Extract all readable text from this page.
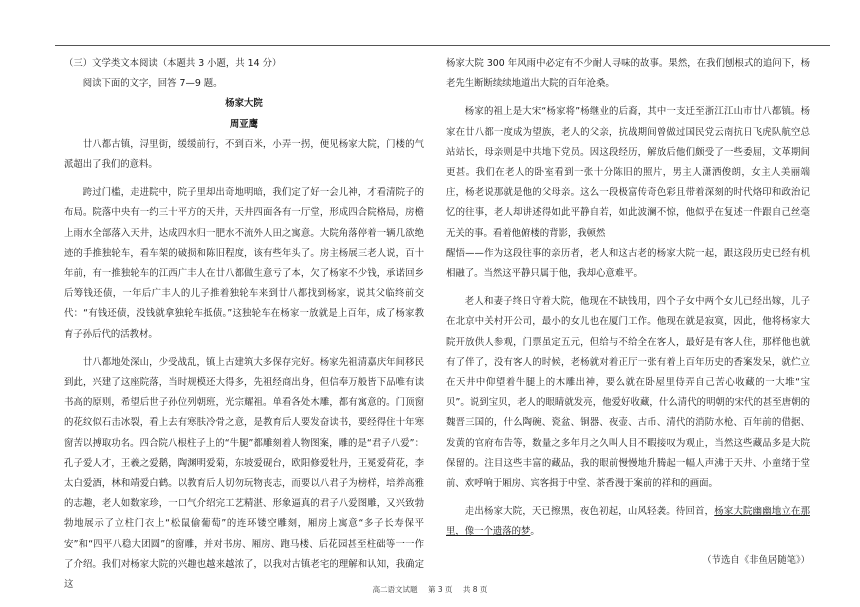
（三）文学类文本阅读（本题共 3 小题，共 14 分）

阅读下面的文字，回答 7—9 题。

杨家大院

周亚鹰

廿八都古镇，浔里街，缓缓前行，不到百米，小弄一拐，便见杨家大院，门楼的气派超出了我们的意料。

跨过门槛，走进院中，院子里却出奇地明暗，我们定了好一会儿神，才看清院子的布局。院落中央有一约三十平方的天井，天井四面各有一厅堂，形成四合院格局，房檐上雨水全部落入天井，达成四水归一肥水不流外人田之寓意。大院角落停着一辆几欲绝迹的手推独轮车，看车架的破损和陈旧程度，该有些年头了。房主杨展三老人说，百十年前，有一推独轮车的江西广丰人在廿八都做生意亏了本，欠了杨家不少钱，承诺回乡后筹钱还债，一年后广丰人的儿子推着独轮车来到廿八都找到杨家，说其父临终前交代：“有钱还债，没钱就拿独轮车抵债。”这独轮车在杨家一放就是上百年，成了杨家教育子孙后代的活教材。

廿八都地处深山，少受战乱，镇上古建筑大多保存完好。杨家先祖清嘉庆年间移民到此，兴建了这座院落，当时规模还大得多，先祖经商出身，但信奉万般皆下品唯有读书高的原则，希望后世子孙位列朝班，光宗耀祖。单看各处木雕，都有寓意的。门顶窗的花纹似石击冰裂，看上去有寒肤冷骨之意，是教育后人要发奋读书，要经得住十年寒窗苦以搏取功名。四合院八根柱子上的“牛腿”都雕刻着人物图案，雕的是“君子八爱”：孔子爱人才，王羲之爱鹅，陶渊明爱菊，东坡爱砚台，欧阳修爱牡丹，王冕爱荷花，李太白爱酒，林和靖爱白鹤。以教育后人切勿玩物丧志，而要以八君子为榜样，培养高雅的志趣，老人如数家珍，一口气介绍完工艺精湛、形象逼真的君子八爱图雕，又兴致勃勃地展示了立柱门衣上“松鼠偷葡萄”的连环镂空雕刻，厢房上寓意“多子长寿保平安”和“四平八稳大团圆”的窗雕，并对书房、厢房、跑马楼、后花园甚至柱础等一一作了介绍。我们对杨家大院的兴趣也越来越浓了，以我对古镇老宅的理解和认知，我确定这

杨家大院 300 年风雨中必定有不少耐人寻味的故事。果然，在我们刨根式的追问下，杨老先生断断续续地道出大院的百年沧桑。

杨家的祖上是大宋“杨家将”杨继业的后裔，其中一支迁至浙江江山市廿八都镇。杨家在廿八都一度成为望族，老人的父亲，抗战期间曾做过国民党云南抗日飞虎队航空总站站长，母亲则是中共地下党员。因这段经历，解放后他们颇受了一些委屈，文革期间更甚。我们在老人的卧室看到一张十分陈旧的照片，男主人潇洒俊朗，女主人美丽端庄，杨老说那就是他的父母亲。这么一段极富传奇色彩且带着深刻的时代烙印和政治记忆的往事，老人却讲述得如此平静自若，如此波澜不惊，他似乎在复述一件跟自己丝毫无关的事。看着他俯楼的背影，我顿然

醒悟——作为这段往事的亲历者，老人和这古老的杨家大院一起，跟这段历史已经有机相融了。当然这平静只属于他，我却心意难平。

老人和妻子终日守着大院，他现在不缺钱用，四个子女中两个女儿已经出嫁，儿子在北京中关村开公司，最小的女儿也在厦门工作。他现在就是寂寞，因此，他将杨家大院开放供人参观，门票虽定五元，但给与不给全在客人，最好是有客人住，那样他也就有了伴了，没有客人的时候，老杨就对着正厅一张有着上百年历史的香案发呆，就伫立在天井中仰望着牛腿上的木雕出神，要么就在卧屋里侍弄自己苦心收藏的一大堆“宝贝”。说到宝贝，老人的眼睛就发亮，他爱好收藏，什么清代的明朝的宋代的甚至唐朝的魏晋三国的，什么陶碗、瓷盆、铜器、夜壶、古币、清代的消防水枪、百年前的借据、发黄的官府布告等，数量之多年月之久叫人目不暇接叹为观止，当然这些藏品多是大院保留的。注目这些丰富的藏品，我的眼前慢慢地升腾起一幅人声沸于天井、小童绪于堂前、欢呼响于厢房、宾客揖于中堂、茶香漫于案前的祥和的画面。

走出杨家大院，天已擦黑，夜色初起，山风轻袭。待回首，杨家大院幽幽地立在那里，像一个遗落的梦。

（节选自《非鱼居随笔》）

高二语文试题 第 3 页 共 8 页
